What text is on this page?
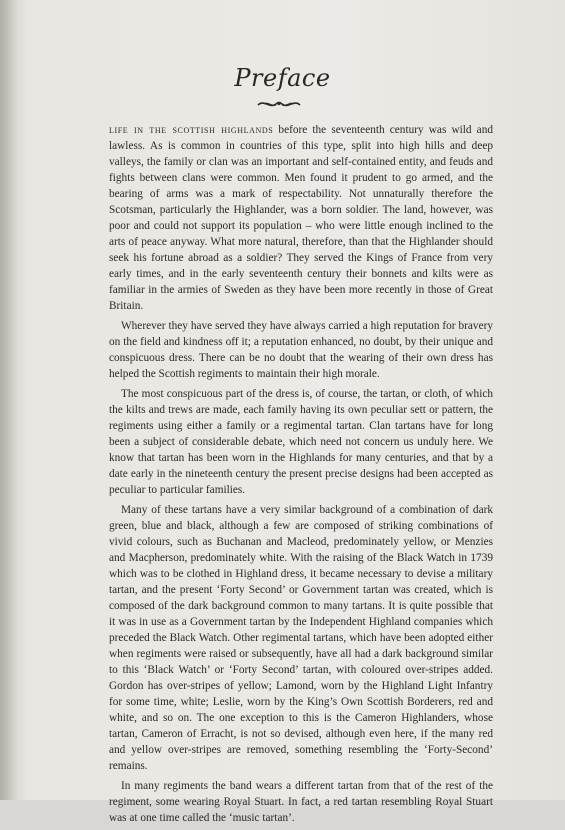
Preface

life in the scottish highlands before the seventeenth century was wild and lawless. As is common in countries of this type, split into high hills and deep valleys, the family or clan was an important and self-contained entity, and feuds and fights between clans were common. Men found it prudent to go armed, and the bearing of arms was a mark of respectability. Not unnaturally therefore the Scotsman, particularly the Highlander, was a born soldier. The land, however, was poor and could not support its population – who were little enough inclined to the arts of peace anyway. What more natural, therefore, than that the Highlander should seek his fortune abroad as a soldier? They served the Kings of France from very early times, and in the early seventeenth century their bonnets and kilts were as familiar in the armies of Sweden as they have been more recently in those of Great Britain.

Wherever they have served they have always carried a high reputation for bravery on the field and kindness off it; a reputation enhanced, no doubt, by their unique and conspicuous dress. There can be no doubt that the wearing of their own dress has helped the Scottish regiments to maintain their high morale.

The most conspicuous part of the dress is, of course, the tartan, or cloth, of which the kilts and trews are made, each family having its own peculiar sett or pattern, the regiments using either a family or a regimental tartan. Clan tartans have for long been a subject of considerable debate, which need not concern us unduly here. We know that tartan has been worn in the Highlands for many centuries, and that by a date early in the nineteenth century the present precise designs had been accepted as peculiar to particular families.

Many of these tartans have a very similar background of a combination of dark green, blue and black, although a few are composed of striking combinations of vivid colours, such as Buchanan and Macleod, predominately yellow, or Menzies and Macpherson, predominately white. With the raising of the Black Watch in 1739 which was to be clothed in Highland dress, it became necessary to devise a military tartan, and the present ‘Forty Second’ or Government tartan was created, which is composed of the dark background common to many tartans. It is quite possible that it was in use as a Government tartan by the Independent Highland companies which preceded the Black Watch. Other regimental tartans, which have been adopted either when regiments were raised or subsequently, have all had a dark background similar to this ‘Black Watch’ or ‘Forty Second’ tartan, with coloured over-stripes added. Gordon has over-stripes of yellow; Lamond, worn by the Highland Light Infantry for some time, white; Leslie, worn by the King’s Own Scottish Borderers, red and white, and so on. The one exception to this is the Cameron Highlanders, whose tartan, Cameron of Erracht, is not so devised, although even here, if the many red and yellow over-stripes are removed, something resembling the ‘Forty-Second’ remains.

In many regiments the band wears a different tartan from that of the rest of the regiment, some wearing Royal Stuart. In fact, a red tartan resembling Royal Stuart was at one time called the ‘music tartan’.
